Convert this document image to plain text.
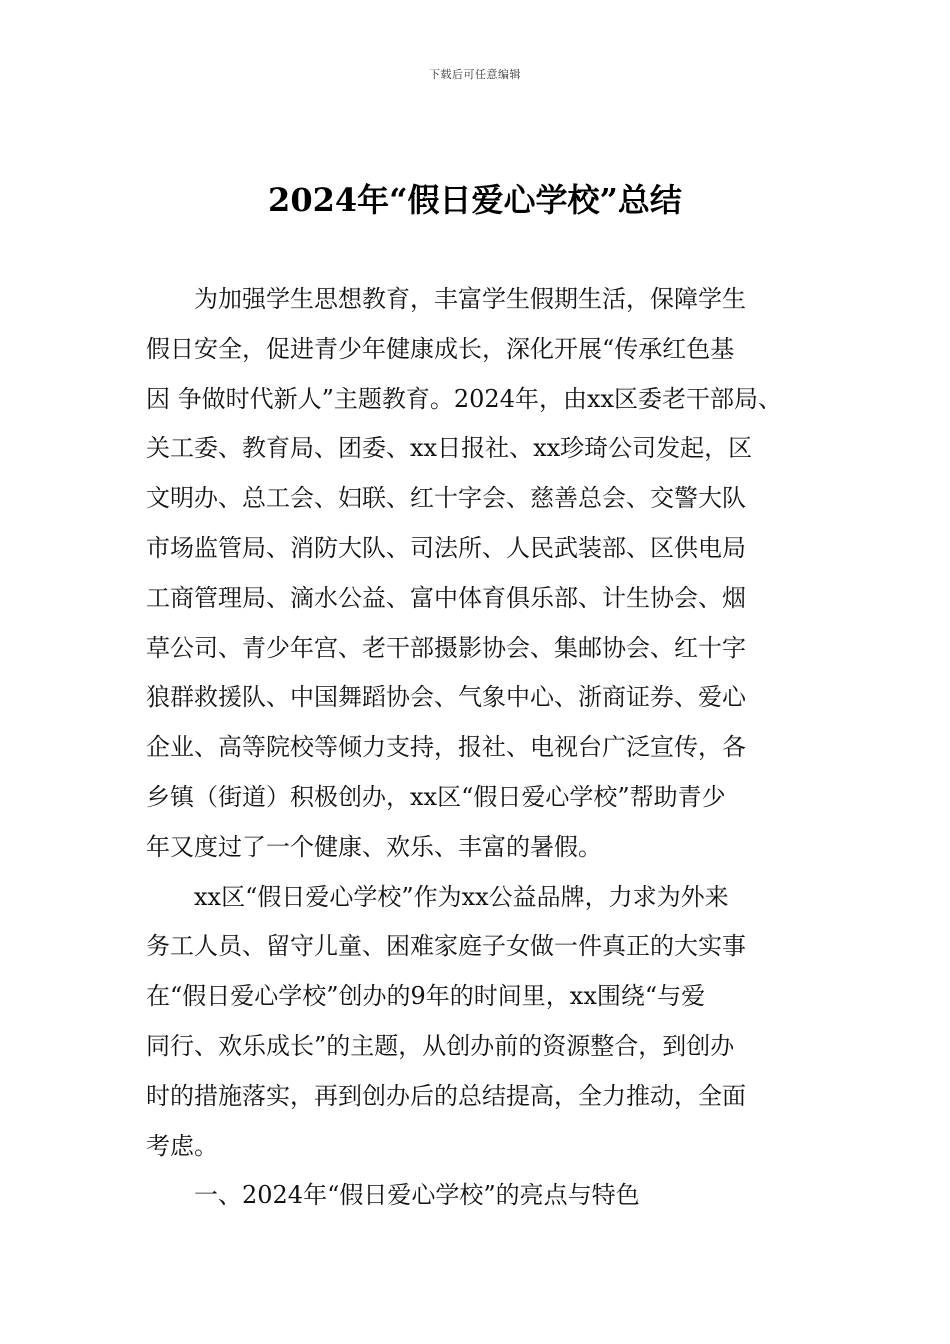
下载后可任意编辑
2024年“假日爱心学校”总结
为加强学生思想教育，丰富学生假期生活，保障学生
假日安全，促进青少年健康成长，深化开展“传承红色基
因 争做时代新人”主题教育。2024年，由xx区委老干部局、
关工委、教育局、团委、xx日报社、xx珍琦公司发起，区
文明办、总工会、妇联、红十字会、慈善总会、交警大队
市场监管局、消防大队、司法所、人民武装部、区供电局
工商管理局、滴水公益、富中体育俱乐部、计生协会、烟
草公司、青少年宫、老干部摄影协会、集邮协会、红十字
狼群救援队、中国舞蹈协会、气象中心、浙商证券、爱心
企业、高等院校等倾力支持，报社、电视台广泛宣传，各
乡镇（街道）积极创办，xx区“假日爱心学校”帮助青少
年又度过了一个健康、欢乐、丰富的暑假。
xx区“假日爱心学校”作为xx公益品牌，力求为外来
务工人员、留守儿童、困难家庭子女做一件真正的大实事
在“假日爱心学校”创办的9年的时间里，xx围绕“与爱
同行、欢乐成长”的主题，从创办前的资源整合，到创办
时的措施落实，再到创办后的总结提高，全力推动，全面
考虑。
一、2024年“假日爱心学校”的亮点与特色
